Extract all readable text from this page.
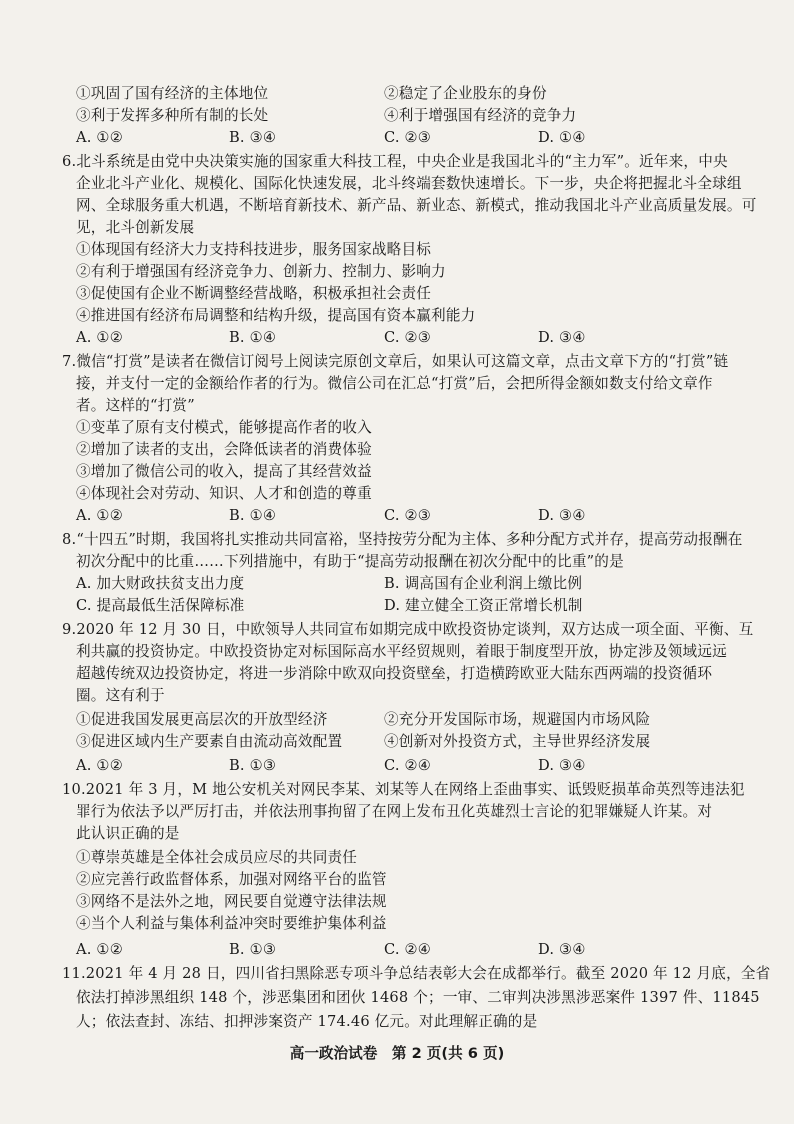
①巩固了国有经济的主体地位	②稳定了企业股东的身份
③利于发挥多种所有制的长处	④利于增强国有经济的竞争力
A. ①②	B. ③④	C. ②③	D. ①④
6.北斗系统是由党中央决策实施的国家重大科技工程，中央企业是我国北斗的“主力军”。近年来，中央
企业北斗产业化、规模化、国际化快速发展，北斗终端套数快速增长。下一步，央企将把握北斗全球组
网、全球服务重大机遇，不断培育新技术、新产品、新业态、新模式，推动我国北斗产业高质量发展。可
见，北斗创新发展
①体现国有经济大力支持科技进步，服务国家战略目标
②有利于增强国有经济竞争力、创新力、控制力、影响力
③促使国有企业不断调整经营战略，积极承担社会责任
④推进国有经济布局调整和结构升级，提高国有资本赢利能力
A. ①②	B. ①④	C. ②③	D. ③④
7.微信“打赏”是读者在微信订阅号上阅读完原创文章后，如果认可这篇文章，点击文章下方的“打赏”链
接，并支付一定的金额给作者的行为。微信公司在汇总“打赏”后，会把所得金额如数支付给文章作
者。这样的“打赏”
①变革了原有支付模式，能够提高作者的收入
②增加了读者的支出，会降低读者的消费体验
③增加了微信公司的收入，提高了其经营效益
④体现社会对劳动、知识、人才和创造的尊重
A. ①②	B. ①④	C. ②③	D. ③④
8.“十四五”时期，我国将扎实推动共同富裕，坚持按劳分配为主体、多种分配方式并存，提高劳动报酬在
初次分配中的比重……下列措施中，有助于“提高劳动报酬在初次分配中的比重”的是
A. 加大财政扶贫支出力度	B. 调高国有企业利润上缴比例
C. 提高最低生活保障标准	D. 建立健全工资正常增长机制
9.2020 年 12 月 30 日，中欧领导人共同宣布如期完成中欧投资协定谈判，双方达成一项全面、平衡、互
利共赢的投资协定。中欧投资协定对标国际高水平经贸规则，着眼于制度型开放，协定涉及领域远远
超越传统双边投资协定，将进一步消除中欧双向投资壁垒，打造横跨欧亚大陆东西两端的投资循环
圈。这有利于
①促进我国发展更高层次的开放型经济	②充分开发国际市场，规避国内市场风险
③促进区域内生产要素自由流动高效配置	④创新对外投资方式，主导世界经济发展
A. ①②	B. ①③	C. ②④	D. ③④
10.2021 年 3 月，M 地公安机关对网民李某、刘某等人在网络上歪曲事实、诋毁贬损革命英烈等违法犯
罪行为依法予以严厉打击，并依法刑事拘留了在网上发布丑化英雄烈士言论的犯罪嫌疑人许某。对
此认识正确的是
①尊崇英雄是全体社会成员应尽的共同责任
②应完善行政监督体系，加强对网络平台的监管
③网络不是法外之地，网民要自觉遵守法律法规
④当个人利益与集体利益冲突时要维护集体利益
A. ①②	B. ①③	C. ②④	D. ③④
11.2021 年 4 月 28 日，四川省扫黑除恶专项斗争总结表彰大会在成都举行。截至 2020 年 12 月底，全省
依法打掉涉黑组织 148 个，涉恶集团和团伙 1468 个；一审、二审判决涉黑涉恶案件 1397 件、11845
人；依法查封、冻结、扣押涉案资产 174.46 亿元。对此理解正确的是
高一政治试卷　第 2 页(共 6 页)
